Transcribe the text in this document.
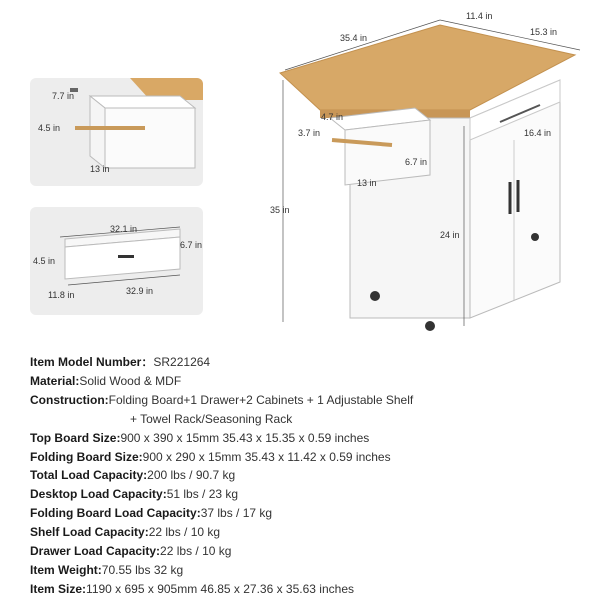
7.7 in
4.5 in
13 in
32.1 in
6.7 in
4.5 in
11.8 in	32.9 in
35.4 in
11.4 in
15.3 in
35 in
24 in
4.7 in
3.7 in
13 in
6.7 in
16.4 in
Item Model Number ： SR221264
Material : Solid Wood & MDF
Construction : Folding Board+1 Drawer+2 Cabinets + 1 Adjustable Shelf
+ Towel Rack/Seasoning Rack
Top Board Size : 900 x 390 x 15mm 35.43 x 15.35 x 0.59 inches
Folding Board Size : 900 x 290 x 15mm 35.43 x 11.42 x 0.59 inches
Total Load Capacity : 200 lbs / 90.7 kg
Desktop Load Capacity : 51 lbs / 23 kg
Folding Board Load Capacity : 37 lbs / 17 kg
Shelf Load Capacity : 22 lbs / 10 kg
Drawer Load Capacity : 22 lbs / 10 kg
Item Weight : 70.55 lbs 32 kg
Item Size : 1190 x 695 x 905mm 46.85 x 27.36 x 35.63 inches
